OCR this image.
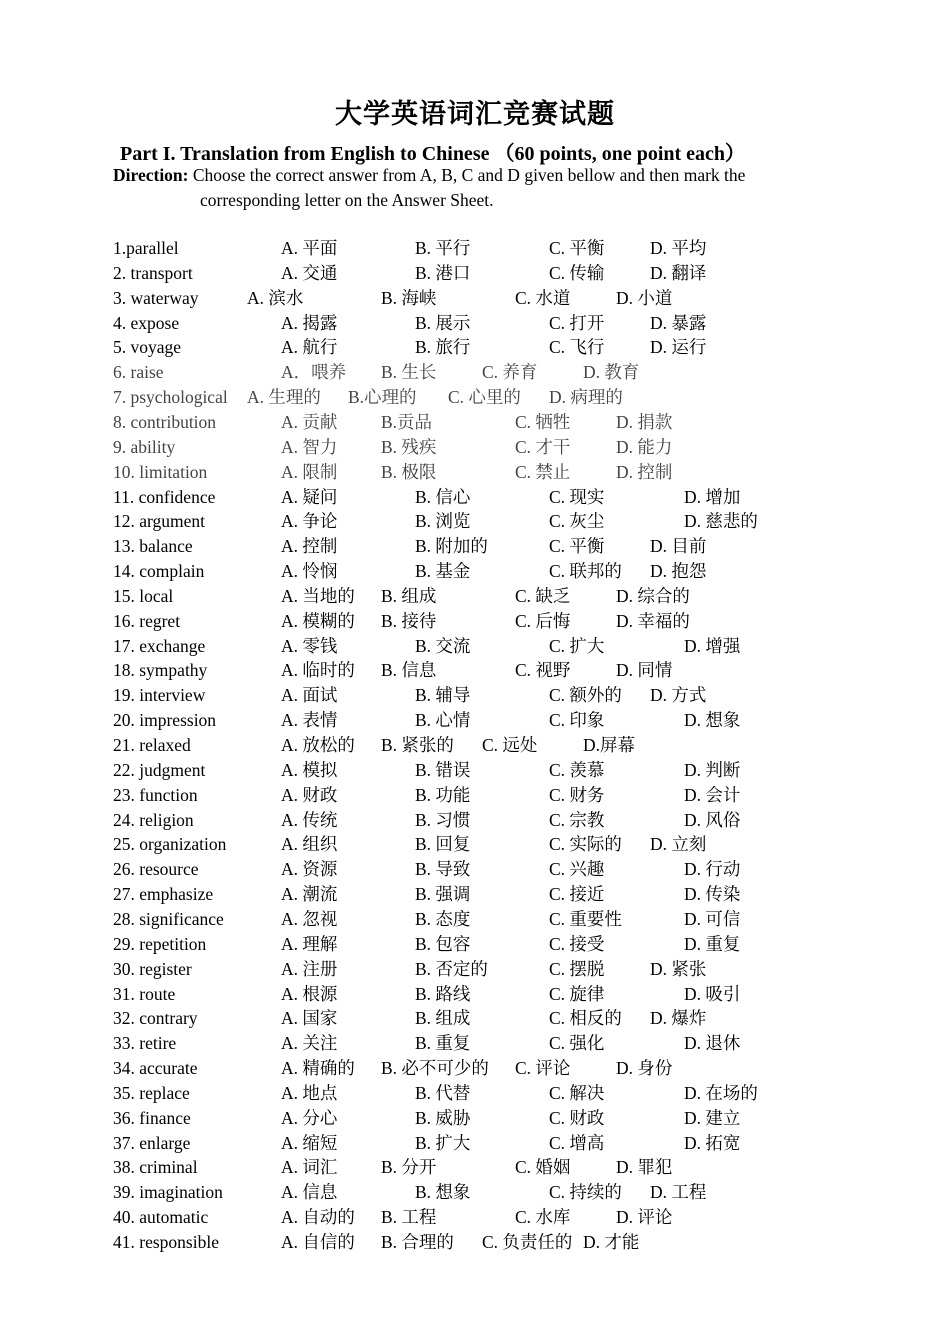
大学英语词汇竞赛试题
Part I. Translation from English to Chinese （60 points, one point each）
Direction: Choose the correct answer from A, B, C and D given bellow and then mark the
corresponding letter on the Answer Sheet.
1.parallel	A. 平面	B. 平行	C. 平衡	D. 平均
2. transport	A. 交通	B. 港口	C. 传输	D. 翻译
3. waterway	A. 滨水	B. 海峡	C. 水道	D. 小道
4. expose	A. 揭露	B. 展示	C. 打开	D. 暴露
5. voyage	A. 航行	B. 旅行	C. 飞行	D. 运行
6. raise	A．喂养 B. 生长	C. 养育	D. 教育
7. psychological A. 生理的 B.心理的 C. 心里的 D. 病理的
8. contribution	A. 贡献 B.贡品	C. 牺牲	D. 捐款
9. ability	A. 智力 B. 残疾	C. 才干	D. 能力
10. limitation	A. 限制 B. 极限	C. 禁止	D. 控制
11. confidence	A. 疑问	B. 信心	C. 现实	D. 增加
12. argument	A. 争论	B. 浏览	C. 灰尘	D. 慈悲的
13. balance	A. 控制	B. 附加的	C. 平衡	D. 目前
14. complain	A. 怜悯	B. 基金	C. 联邦的 D. 抱怨
15. local	A. 当地的 B. 组成	C. 缺乏	D. 综合的
16. regret	A. 模糊的 B. 接待	C. 后悔	D. 幸福的
17. exchange	A. 零钱	B. 交流	C. 扩大	D. 增强
18. sympathy	A. 临时的 B. 信息	C. 视野	D. 同情
19. interview	A. 面试	B. 辅导	C. 额外的 D. 方式
20. impression	A. 表情	B. 心情	C. 印象	D. 想象
21. relaxed	A. 放松的 B. 紧张的 C. 远处	D.屏幕
22. judgment	A. 模拟	B. 错误	C. 羡慕	D. 判断
23. function	A. 财政	B. 功能	C. 财务	D. 会计
24. religion	A. 传统	B. 习惯	C. 宗教	D. 风俗
25. organization	A. 组织	B. 回复	C. 实际的 D. 立刻
26. resource	A. 资源	B. 导致	C. 兴趣	D. 行动
27. emphasize	A. 潮流	B. 强调	C. 接近	D. 传染
28. significance	A. 忽视	B. 态度	C. 重要性	D. 可信
29. repetition	A. 理解	B. 包容	C. 接受	D. 重复
30. register	A. 注册	B. 否定的	C. 摆脱	D. 紧张
31. route	A. 根源	B. 路线	C. 旋律	D. 吸引
32. contrary	A. 国家	B. 组成	C. 相反的 D. 爆炸
33. retire	A. 关注	B. 重复	C. 强化	D. 退休
34. accurate	A. 精确的 B. 必不可少的 C. 评论	D. 身份
35. replace	A. 地点	B. 代替	C. 解决	D. 在场的
36. finance	A. 分心	B. 威胁	C. 财政	D. 建立
37. enlarge	A. 缩短	B. 扩大	C. 增高	D. 拓宽
38. criminal	A. 词汇 B. 分开	C. 婚姻	D. 罪犯
39. imagination	A. 信息	B. 想象	C. 持续的 D. 工程
40. automatic	A. 自动的 B. 工程	C. 水库	D. 评论
41. responsible	A. 自信的 B. 合理的 C. 负责任的 D. 才能
